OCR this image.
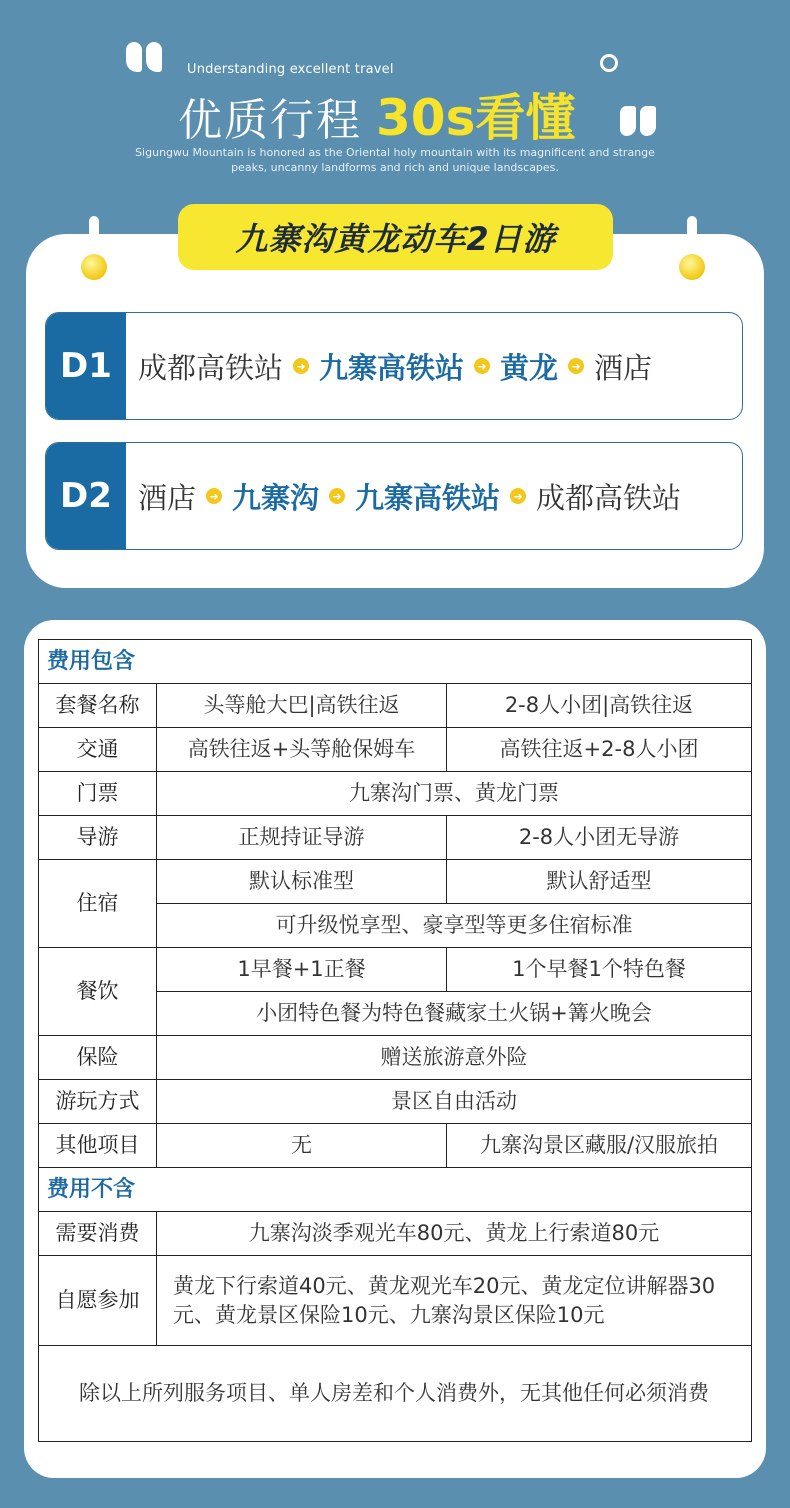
Understanding excellent travel
优质行程 30s看懂
Sigungwu Mountain is honored as the Oriental holy mountain with its magnificent and strange peaks, uncanny landforms and rich and unique landscapes.
九寨沟黄龙动车2日游
D1 成都高铁站	➜ 九寨高铁站	➜ 黄龙	➜ 酒店
D2 酒店	➜ 九寨沟	➜ 九寨高铁站	➜ 成都高铁站
费用包含		
套餐名称	头等舱大巴|高铁往返	2-8人小团|高铁往返
交通	高铁往返+头等舱保姆车	高铁往返+2-8人小团
门票	九寨沟门票、黄龙门票	
导游	正规持证导游	2-8人小团无导游
住宿	默认标准型	默认舒适型
	可升级悦享型、豪享型等更多住宿标准	
餐饮	1早餐+1正餐	1个早餐1个特色餐
	小团特色餐为特色餐藏家土火锅+篝火晚会	
保险	赠送旅游意外险	
游玩方式	景区自由活动	
其他项目	无	九寨沟景区藏服/汉服旅拍
费用不含		
需要消费	九寨沟淡季观光车80元、黄龙上行索道80元	
自愿参加	黄龙下行索道40元、黄龙观光车20元、黄龙定位讲解器30元、黄龙景区保险10元、九寨沟景区保险10元	
除以上所列服务项目、单人房差和个人消费外，无其他任何必须消费		
